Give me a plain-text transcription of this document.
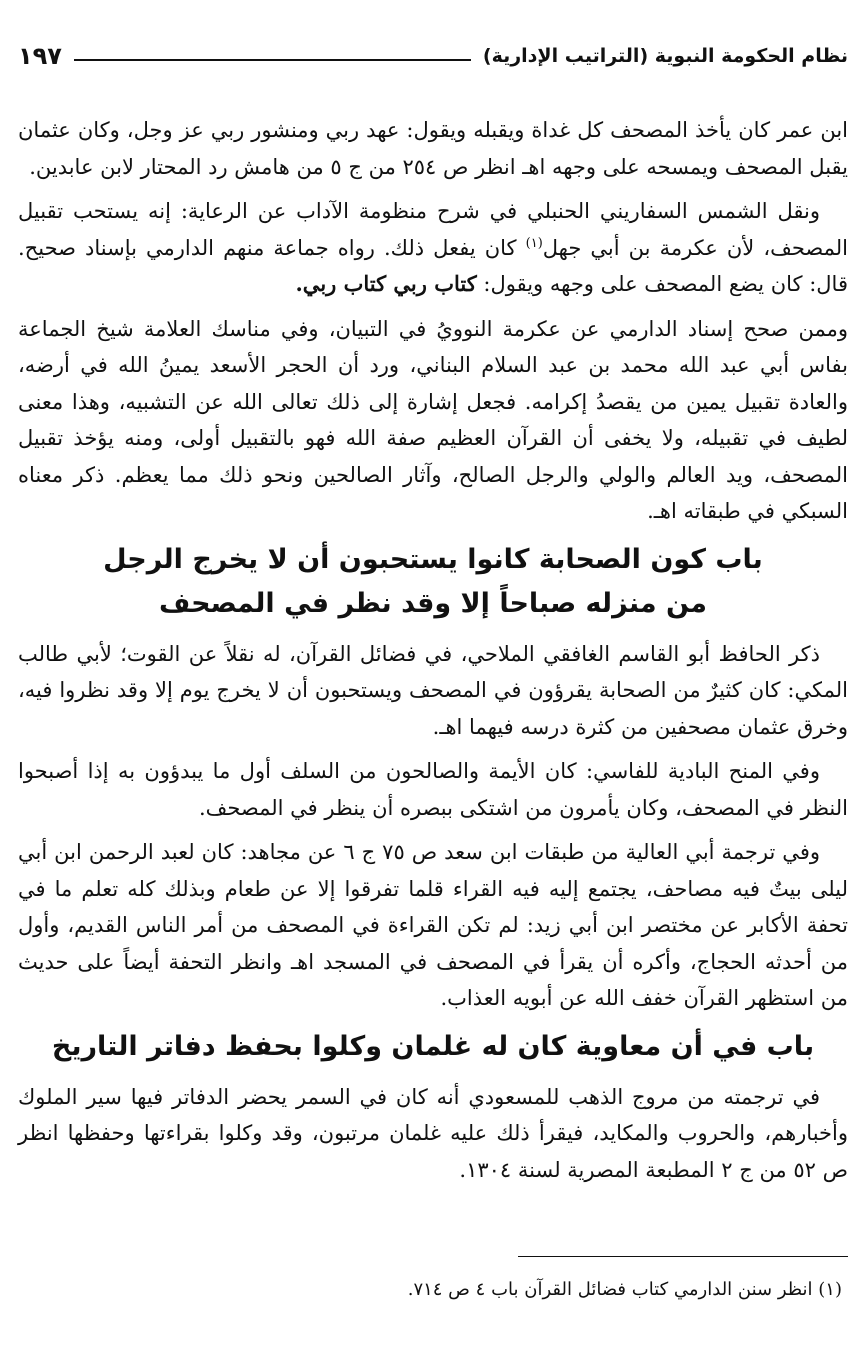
نظام الحكومة النبوية (التراتيب الإدارية)
١٩٧

ابن عمر كان يأخذ المصحف كل غداة ويقبله ويقول: عهد ربي ومنشور ربي عز وجل، وكان عثمان يقبل المصحف ويمسحه على وجهه اهـ انظر ص ٢٥٤ من ج ٥ من هامش رد المحتار لابن عابدين.

ونقل الشمس السفاريني الحنبلي في شرح منظومة الآداب عن الرعاية: إنه يستحب تقبيل المصحف، لأن عكرمة بن أبي جهل$^{(١)}$ كان يفعل ذلك. رواه جماعة منهم الدارمي بإسناد صحيح. قال: كان يضع المصحف على وجهه ويقول: كتاب ربي كتاب ربي.

وممن صحح إسناد الدارمي عن عكرمة النوويُ في التبيان، وفي مناسك العلامة شيخ الجماعة بفاس أبي عبد الله محمد بن عبد السلام البناني، ورد أن الحجر الأسعد يمينُ الله في أرضه، والعادة تقبيل يمين من يقصدُ إكرامه. فجعل إشارة إلى ذلك تعالى الله عن التشبيه، وهذا معنى لطيف في تقبيله، ولا يخفى أن القرآن العظيم صفة الله فهو بالتقبيل أولى، ومنه يؤخذ تقبيل المصحف، ويد العالم والولي والرجل الصالح، وآثار الصالحين ونحو ذلك مما يعظم. ذكر معناه السبكي في طبقاته اهـ.

باب كون الصحابة كانوا يستحبون أن لا يخرج الرجل
من منزله صباحاً إلا وقد نظر في المصحف

ذكر الحافظ أبو القاسم الغافقي الملاحي، في فضائل القرآن، له نقلاً عن القوت؛ لأبي طالب المكي: كان كثيرٌ من الصحابة يقرؤون في المصحف ويستحبون أن لا يخرج يوم إلا وقد نظروا فيه، وخرق عثمان مصحفين من كثرة درسه فيهما اهـ.

وفي المنح البادية للفاسي: كان الأيمة والصالحون من السلف أول ما يبدؤون به إذا أصبحوا النظر في المصحف، وكان يأمرون من اشتكى ببصره أن ينظر في المصحف.

وفي ترجمة أبي العالية من طبقات ابن سعد ص ٧٥ ج ٦ عن مجاهد: كان لعبد الرحمن ابن أبي ليلى بيتٌ فيه مصاحف، يجتمع إليه فيه القراء قلما تفرقوا إلا عن طعام وبذلك كله تعلم ما في تحفة الأكابر عن مختصر ابن أبي زيد: لم تكن القراءة في المصحف من أمر الناس القديم، وأول من أحدثه الحجاج، وأكره أن يقرأ في المصحف في المسجد اهـ وانظر التحفة أيضاً على حديث من استظهر القرآن خفف الله عن أبويه العذاب.

باب في أن معاوية كان له غلمان وكلوا بحفظ دفاتر التاريخ

في ترجمته من مروج الذهب للمسعودي أنه كان في السمر يحضر الدفاتر فيها سير الملوك وأخبارهم، والحروب والمكايد، فيقرأ ذلك عليه غلمان مرتبون، وقد وكلوا بقراءتها وحفظها انظر ص ٥٢ من ج ٢ المطبعة المصرية لسنة ١٣٠٤.

(١) انظر سنن الدارمي كتاب فضائل القرآن باب ٤ ص ٧١٤.
